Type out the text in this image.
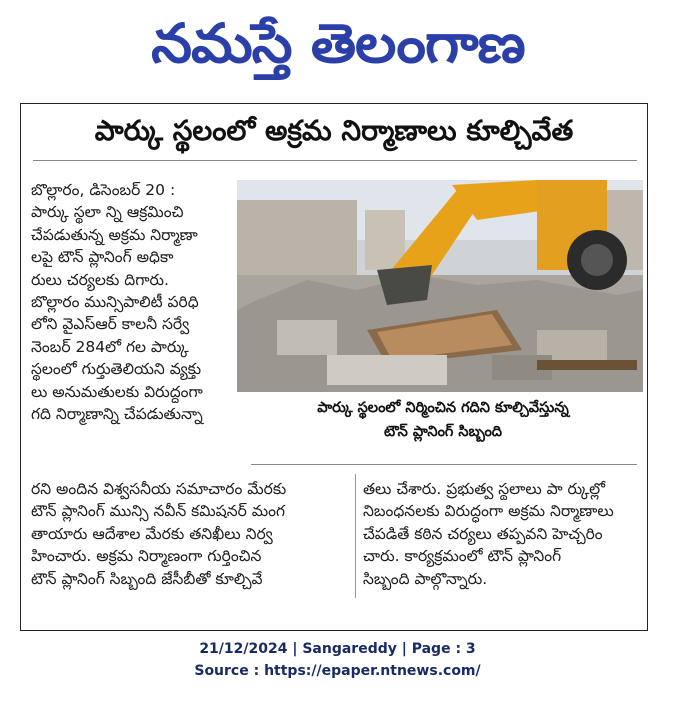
నమస్తే తెలంగాణ
పార్కు స్థలంలో అక్రమ నిర్మాణాలు కూల్చివేత
బొల్లారం, డిసెంబర్ 20 :
పార్కు స్థలా న్ని ఆక్రమించి
చేపడుతున్న అక్రమ నిర్మాణా
లపై టౌన్ ప్లానింగ్ అధికా
రులు చర్యలకు దిగారు.
బొల్లారం మున్సిపాలిటీ పరిధి
లోని వైఎస్ఆర్ కాలనీ సర్వే
నెంబర్ 284లో గల పార్కు
స్థలంలో గుర్తుతెలియని వ్యక్తు
లు అనుమతులకు విరుద్ధంగా
గది నిర్మాణాన్ని చేపడుతున్నా	పార్కు స్థలంలో నిర్మించిన గదిని కూల్చివేస్తున్న
టౌన్ ప్లానింగ్ సిబ్బంది
రని అందిన విశ్వసనీయ సమాచారం మేరకు
టౌన్ ప్లానింగ్ మున్సి నవీన్ కమిషనర్ మంగ
తాయారు ఆదేశాల మేరకు తనిఖీలు నిర్వ
హించారు. అక్రమ నిర్మాణంగా గుర్తించిన
టౌన్ ప్లానింగ్ సిబ్బంది జేసీబీతో కూల్చివే
తలు చేశారు. ప్రభుత్వ స్థలాలు పా ర్కుల్లో
నిబంధనలకు విరుద్ధంగా అక్రమ నిర్మాణాలు
చేపడితే కఠిన చర్యలు తప్పవని హెచ్చరిం
చారు. కార్యక్రమంలో టౌన్ ప్లానింగ్
సిబ్బంది పాల్గొన్నారు.
21/12/2024 | Sangareddy | Page : 3
Source : https://epaper.ntnews.com/
